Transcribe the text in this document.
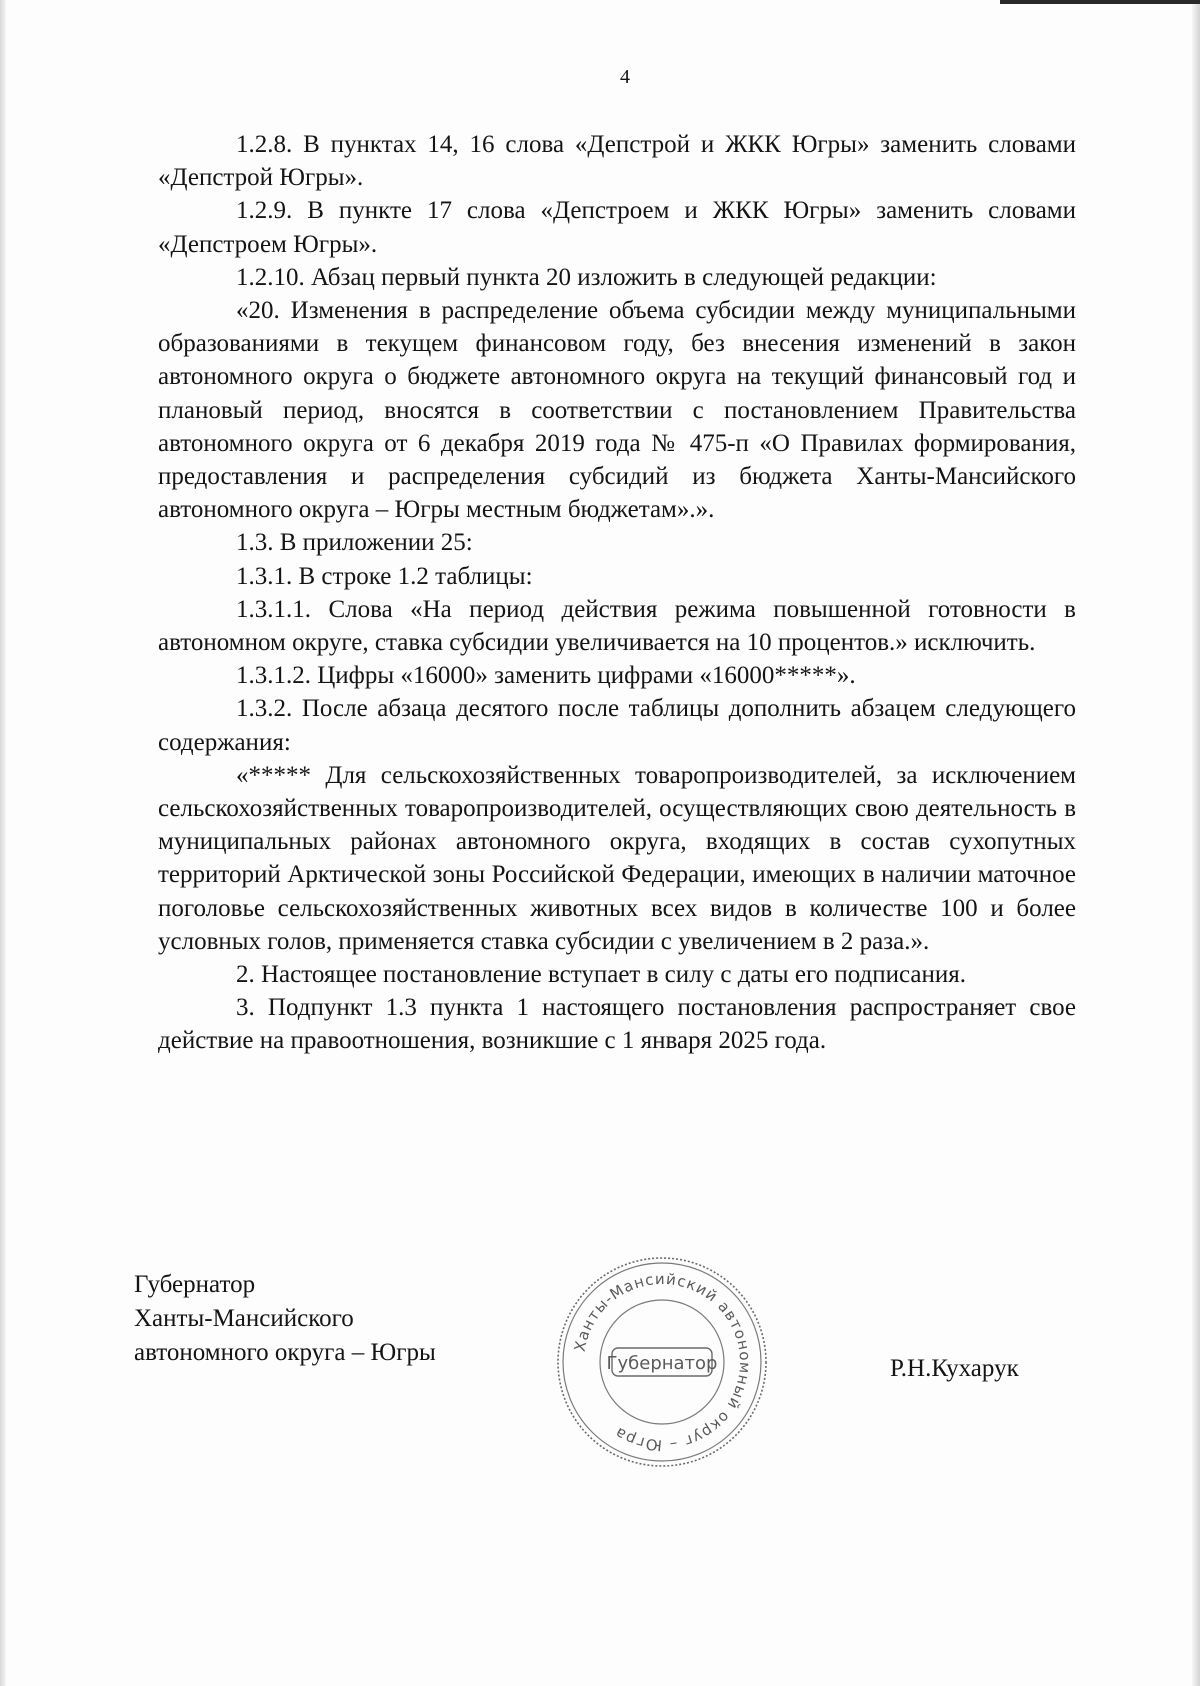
4

1.2.8. В пунктах 14, 16 слова «Депстрой и ЖКК Югры» заменить словами «Депстрой Югры».

1.2.9. В пункте 17 слова «Депстроем и ЖКК Югры» заменить словами «Депстроем Югры».

1.2.10. Абзац первый пункта 20 изложить в следующей редакции:

«20. Изменения в распределение объема субсидии между муниципальными образованиями в текущем финансовом году, без внесения изменений в закон автономного округа о бюджете автономного округа на текущий финансовый год и плановый период, вносятся в соответствии с постановлением Правительства автономного округа от 6 декабря 2019 года № 475-п «О Правилах формирования, предоставления и распределения субсидий из бюджета Ханты-Мансийского автономного округа – Югры местным бюджетам».».

1.3. В приложении 25:

1.3.1. В строке 1.2 таблицы:

1.3.1.1. Слова «На период действия режима повышенной готовности в автономном округе, ставка субсидии увеличивается на 10 процентов.» исключить.

1.3.1.2. Цифры «16000» заменить цифрами «16000*****».

1.3.2. После абзаца десятого после таблицы дополнить абзацем следующего содержания:

«***** Для сельскохозяйственных товаропроизводителей, за исключением сельскохозяйственных товаропроизводителей, осуществляющих свою деятельность в муниципальных районах автономного округа, входящих в состав сухопутных территорий Арктической зоны Российской Федерации, имеющих в наличии маточное поголовье сельскохозяйственных животных всех видов в количестве 100 и более условных голов, применяется ставка субсидии с увеличением в 2 раза.».

2. Настоящее постановление вступает в силу с даты его подписания.

3. Подпункт 1.3 пункта 1 настоящего постановления распространяет свое действие на правоотношения, возникшие с 1 января 2025 года.

Губернатор
Ханты-Мансийского
автономного округа – Югры	Ханты-Мансийский автономный округ – Югра
Губернатор	Р.Н.Кухарук
